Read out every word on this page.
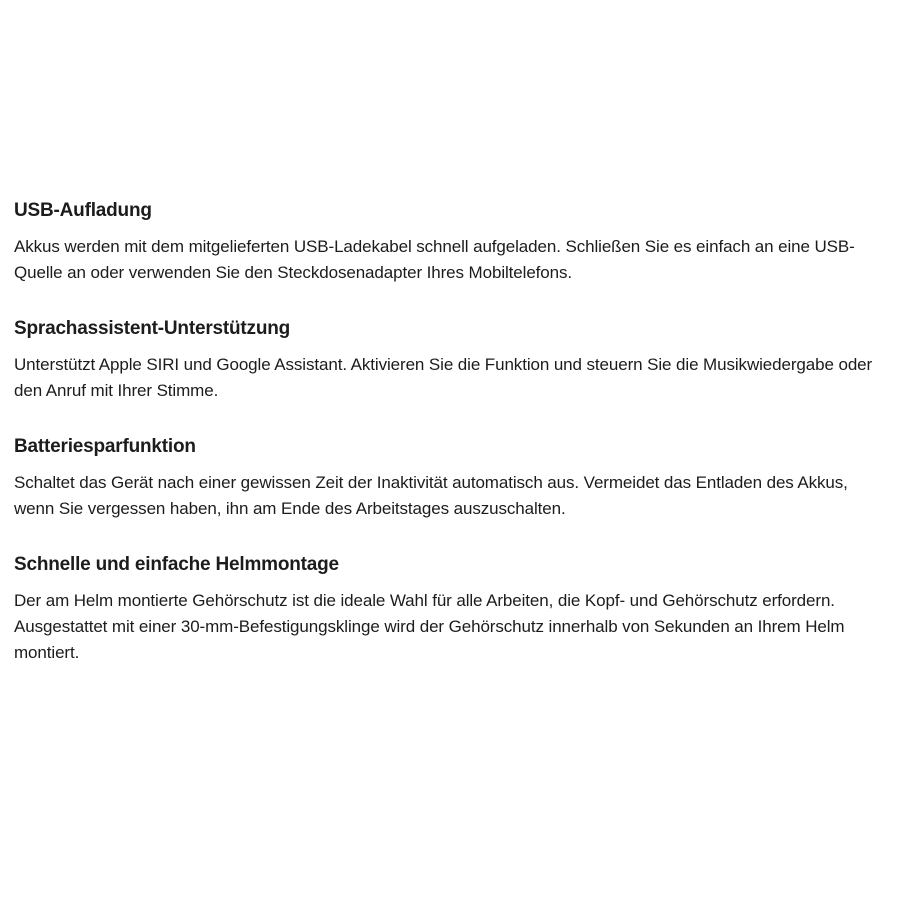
USB-Aufladung

Akkus werden mit dem mitgelieferten USB-Ladekabel schnell aufgeladen. Schließen Sie es einfach an eine USB-Quelle an oder verwenden Sie den Steckdosenadapter Ihres Mobiltelefons.

Sprachassistent-Unterstützung

Unterstützt Apple SIRI und Google Assistant. Aktivieren Sie die Funktion und steuern Sie die Musikwiedergabe oder den Anruf mit Ihrer Stimme.

Batteriesparfunktion

Schaltet das Gerät nach einer gewissen Zeit der Inaktivität automatisch aus. Vermeidet das Entladen des Akkus, wenn Sie vergessen haben, ihn am Ende des Arbeitstages auszuschalten.

Schnelle und einfache Helmmontage

Der am Helm montierte Gehörschutz ist die ideale Wahl für alle Arbeiten, die Kopf- und Gehörschutz erfordern. Ausgestattet mit einer 30-mm-Befestigungsklinge wird der Gehörschutz innerhalb von Sekunden an Ihrem Helm montiert.
